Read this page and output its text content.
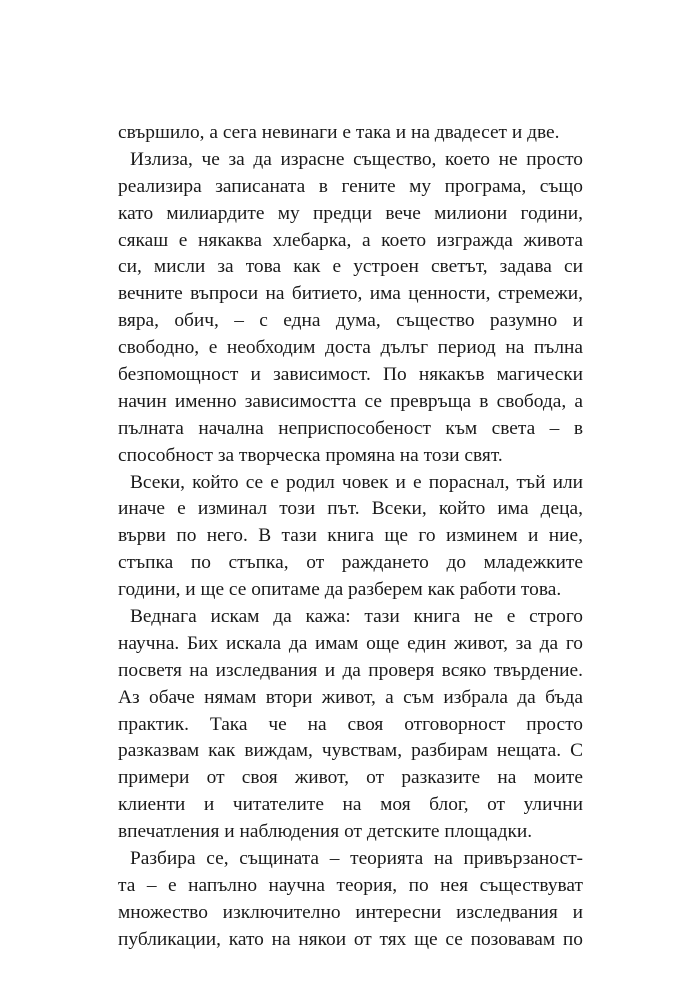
свършило, а сега невинаги е така и на двадесет и две.
Излиза, че за да израсне същество, което не просто
реализира записаната в гените му програма, също
като милиардите му предци вече милиони години,
сякаш е някаква хлебарка, а което изгражда живота
си, мисли за това как е устроен светът, задава си
вечните въпроси на битието, има ценности, стремежи,
вяра, обич, – с една дума, същество разумно и
свободно, е необходим доста дълъг период на пълна
безпомощност и зависимост. По някакъв магически
начин именно зависимостта се превръща в свобода, а
пълната начална неприспособеност към света – в
способност за творческа промяна на този свят.
Всеки, който се е родил човек и е пораснал, тъй или
иначе е изминал този път. Всеки, който има деца,
върви по него. В тази книга ще го изминем и ние,
стъпка по стъпка, от раждането до младежките
години, и ще се опитаме да разберем как работи това.
Веднага искам да кажа: тази книга не е строго
научна. Бих искала да имам още един живот, за да го
посветя на изследвания и да проверя всяко твърдение.
Аз обаче нямам втори живот, а съм избрала да бъда
практик. Така че на своя отговорност просто
разказвам как виждам, чувствам, разбирам нещата. С
примери от своя живот, от разказите на моите
клиенти и читателите на моя блог, от улични
впечатления и наблюдения от детските площадки.
Разбира се, същината – теорията на привързаност-
та – е напълно научна теория, по нея съществуват
множество изключително интересни изследвания и
публикации, като на някои от тях ще се позовавам по
